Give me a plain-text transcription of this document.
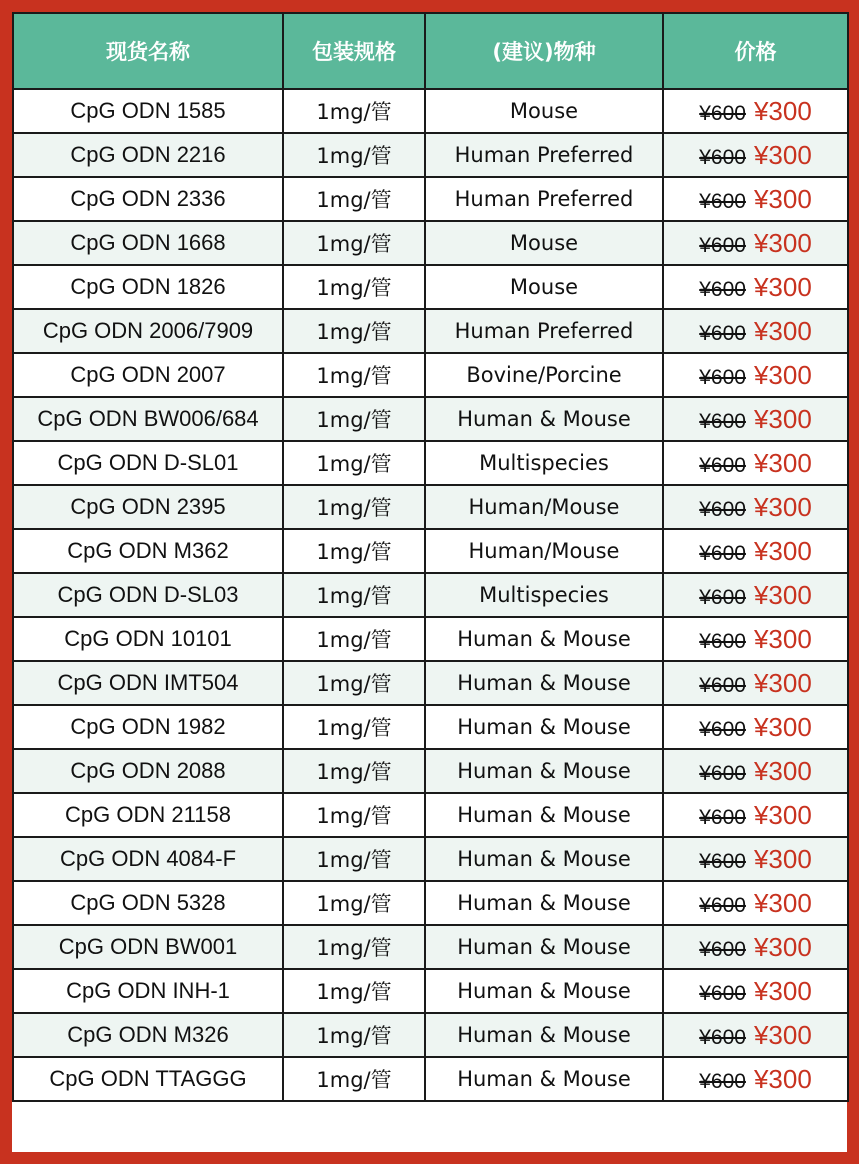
现货名称	包装规格	(建议)物种	价格
CpG ODN 1585	1mg/管	Mouse	¥600 ¥300
CpG ODN 2216	1mg/管	Human Preferred	¥600 ¥300
CpG ODN 2336	1mg/管	Human Preferred	¥600 ¥300
CpG ODN 1668	1mg/管	Mouse	¥600 ¥300
CpG ODN 1826	1mg/管	Mouse	¥600 ¥300
CpG ODN 2006/7909	1mg/管	Human Preferred	¥600 ¥300
CpG ODN 2007	1mg/管	Bovine/Porcine	¥600 ¥300
CpG ODN BW006/684	1mg/管	Human & Mouse	¥600 ¥300
CpG ODN D-SL01	1mg/管	Multispecies	¥600 ¥300
CpG ODN 2395	1mg/管	Human/Mouse	¥600 ¥300
CpG ODN M362	1mg/管	Human/Mouse	¥600 ¥300
CpG ODN D-SL03	1mg/管	Multispecies	¥600 ¥300
CpG ODN 10101	1mg/管	Human & Mouse	¥600 ¥300
CpG ODN IMT504	1mg/管	Human & Mouse	¥600 ¥300
CpG ODN 1982	1mg/管	Human & Mouse	¥600 ¥300
CpG ODN 2088	1mg/管	Human & Mouse	¥600 ¥300
CpG ODN 21158	1mg/管	Human & Mouse	¥600 ¥300
CpG ODN 4084-F	1mg/管	Human & Mouse	¥600 ¥300
CpG ODN 5328	1mg/管	Human & Mouse	¥600 ¥300
CpG ODN BW001	1mg/管	Human & Mouse	¥600 ¥300
CpG ODN INH-1	1mg/管	Human & Mouse	¥600 ¥300
CpG ODN M326	1mg/管	Human & Mouse	¥600 ¥300
CpG ODN TTAGGG	1mg/管	Human & Mouse	¥600 ¥300
